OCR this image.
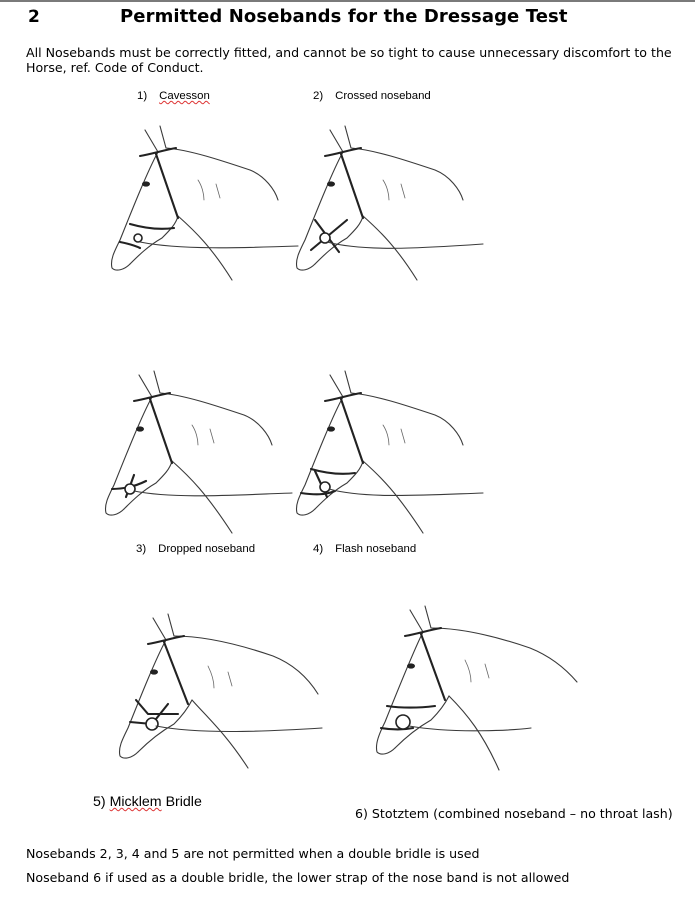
2	Permitted Nosebands for the Dressage Test
All Nosebands must be correctly fitted, and cannot be so tight to cause unnecessary discomfort to the Horse, ref. Code of Conduct.
1) Cavesson	2) Crossed noseband
3) Dropped noseband	4) Flash noseband
5) Micklem Bridle
6) Stotztem (combined noseband – no throat lash)
Nosebands 2, 3, 4 and 5 are not permitted when a double bridle is used
Noseband 6 if used as a double bridle, the lower strap of the nose band is not allowed
